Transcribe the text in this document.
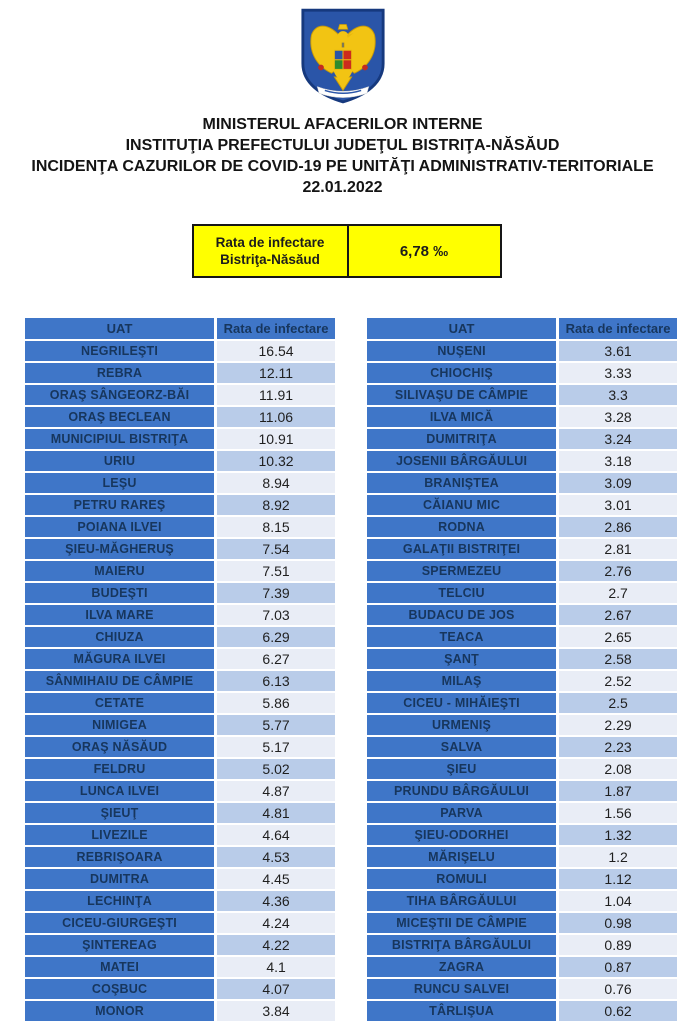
MINISTERUL AFACERILOR INTERNE
INSTITUŢIA PREFECTULUI JUDEŢUL BISTRIŢA-NĂSĂUD
INCIDENŢA CAZURILOR DE COVID-19 PE UNITĂŢI ADMINISTRATIV-TERITORIALE
22.01.2022
Rata de infectare
Bistriţa-Năsăud	6,78 ‰
UAT	Rata de infectare
NEGRILEŞTI	16.54
REBRA	12.11
ORAŞ SÂNGEORZ-BĂI	11.91
ORAŞ BECLEAN	11.06
MUNICIPIUL BISTRIŢA	10.91
URIU	10.32
LEŞU	8.94
PETRU RAREŞ	8.92
POIANA ILVEI	8.15
ŞIEU-MĂGHERUŞ	7.54
MAIERU	7.51
BUDEŞTI	7.39
ILVA MARE	7.03
CHIUZA	6.29
MĂGURA ILVEI	6.27
SÂNMIHAIU DE CÂMPIE	6.13
CETATE	5.86
NIMIGEA	5.77
ORAŞ NĂSĂUD	5.17
FELDRU	5.02
LUNCA ILVEI	4.87
ŞIEUŢ	4.81
LIVEZILE	4.64
REBRIŞOARA	4.53
DUMITRA	4.45
LECHINŢA	4.36
CICEU-GIURGEŞTI	4.24
ŞINTEREAG	4.22
MATEI	4.1
COŞBUC	4.07
MONOR	3.84
UAT	Rata de infectare
NUŞENI	3.61
CHIOCHIŞ	3.33
SILIVAŞU DE CÂMPIE	3.3
ILVA MICĂ	3.28
DUMITRIŢA	3.24
JOSENII BÂRGĂULUI	3.18
BRANIŞTEA	3.09
CĂIANU MIC	3.01
RODNA	2.86
GALAŢII BISTRIŢEI	2.81
SPERMEZEU	2.76
TELCIU	2.7
BUDACU DE JOS	2.67
TEACA	2.65
ŞANŢ	2.58
MILAŞ	2.52
CICEU - MIHĂIEŞTI	2.5
URMENIŞ	2.29
SALVA	2.23
ŞIEU	2.08
PRUNDU BÂRGĂULUI	1.87
PARVA	1.56
ŞIEU-ODORHEI	1.32
MĂRIŞELU	1.2
ROMULI	1.12
TIHA BÂRGĂULUI	1.04
MICEŞTII DE CÂMPIE	0.98
BISTRIŢA BÂRGĂULUI	0.89
ZAGRA	0.87
RUNCU SALVEI	0.76
TÂRLIŞUA	0.62
